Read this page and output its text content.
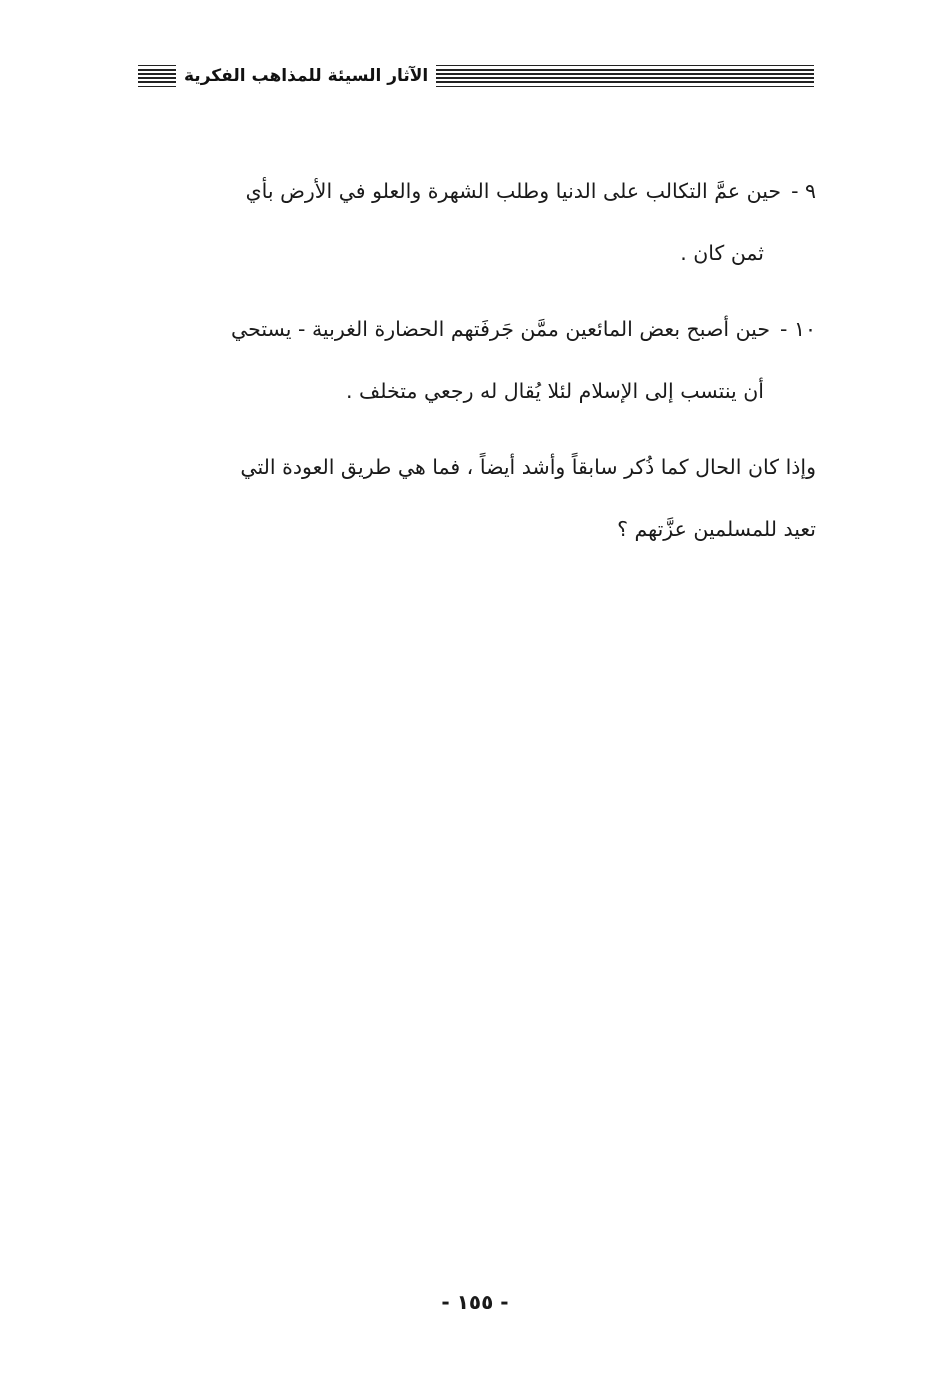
الآثار السيئة للمذاهب الفكرية
٩ -
حين عمَّ التكالب على الدنيا وطلب الشهرة والعلو في الأرض بأي
ثمن كان .
١٠ -
حين أصبح بعض المائعين ممَّن جَرفَتهم الحضارة الغربية - يستحي
أن ينتسب إلى الإسلام لئلا يُقال له رجعي متخلف .
وإذا كان الحال كما ذُكر سابقاً وأشد أيضاً ، فما هي طريق العودة التي
تعيد للمسلمين عزَّتهم ؟
- ١٥٥ -
